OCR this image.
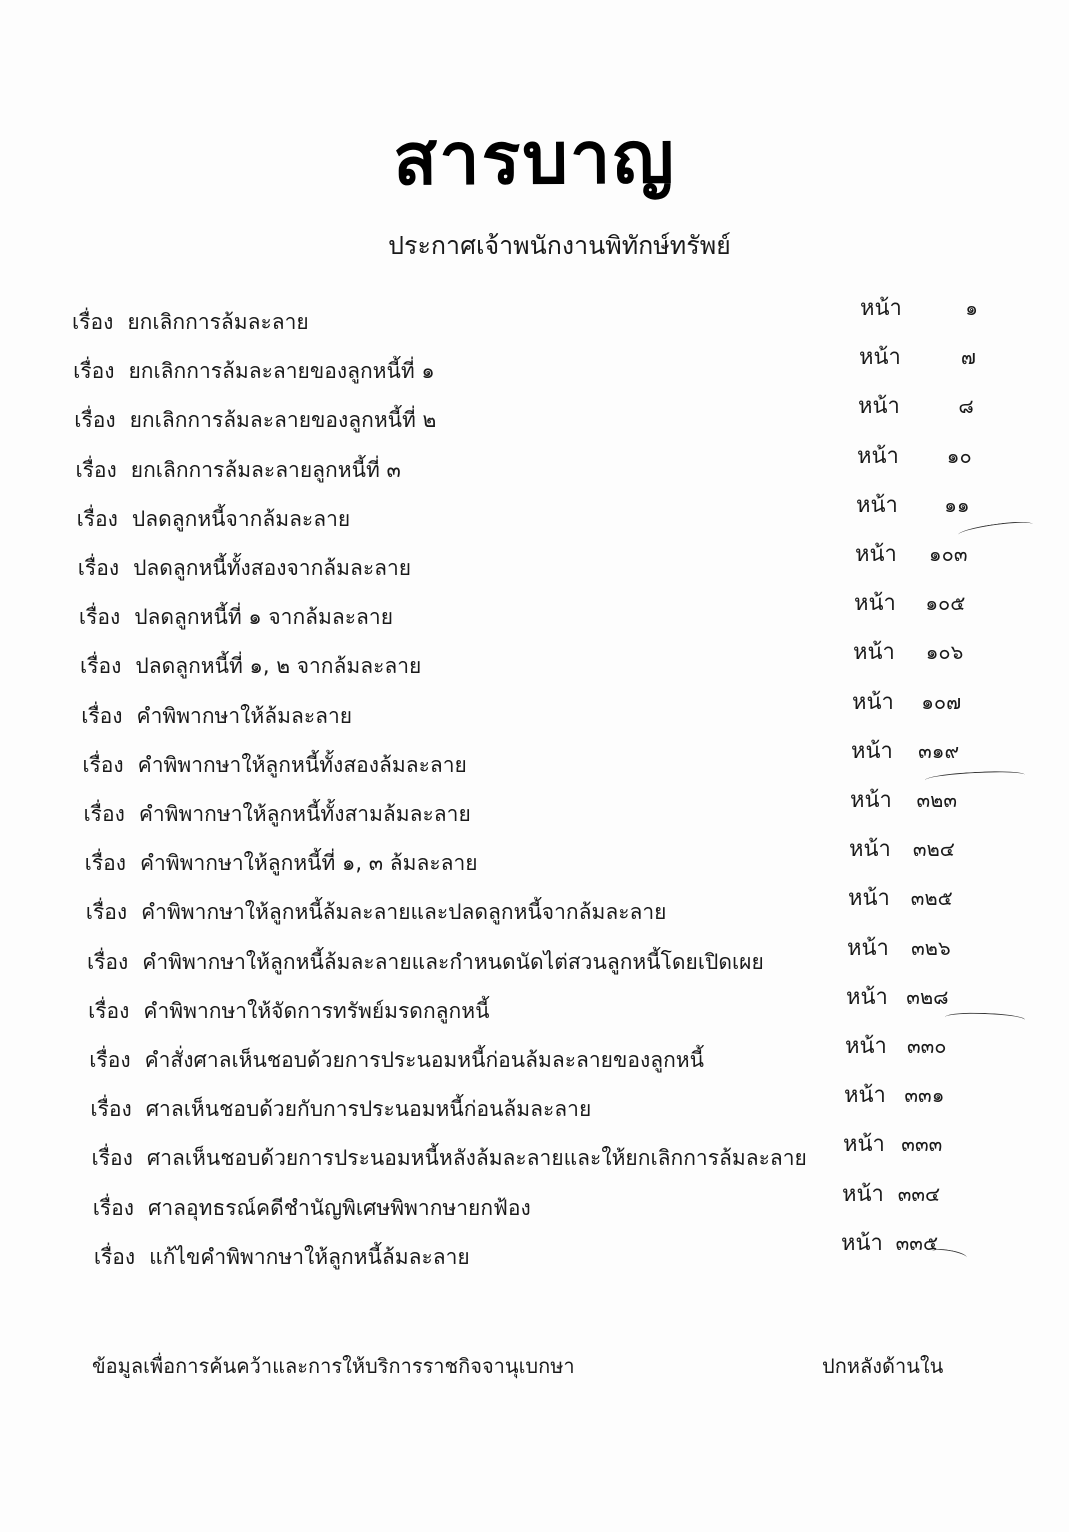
สารบาญ
ประกาศเจ้าพนักงานพิทักษ์ทรัพย์
เรื่อง ยกเลิกการล้มละลาย
หน้า	๑
เรื่อง ยกเลิกการล้มละลายของลูกหนี้ที่ ๑
หน้า	๗
เรื่อง ยกเลิกการล้มละลายของลูกหนี้ที่ ๒
หน้า	๘
เรื่อง ยกเลิกการล้มละลายลูกหนี้ที่ ๓
หน้า	๑๐
เรื่อง ปลดลูกหนี้จากล้มละลาย
หน้า	๑๑
เรื่อง ปลดลูกหนี้ทั้งสองจากล้มละลาย
หน้า	๑๐๓
เรื่อง ปลดลูกหนี้ที่ ๑ จากล้มละลาย
หน้า	๑๐๕
เรื่อง ปลดลูกหนี้ที่ ๑, ๒ จากล้มละลาย
หน้า	๑๐๖
เรื่อง คำพิพากษาให้ล้มละลาย
หน้า	๑๐๗
เรื่อง คำพิพากษาให้ลูกหนี้ทั้งสองล้มละลาย
หน้า	๓๑๙
เรื่อง คำพิพากษาให้ลูกหนี้ทั้งสามล้มละลาย
หน้า	๓๒๓
เรื่อง คำพิพากษาให้ลูกหนี้ที่ ๑, ๓ ล้มละลาย
หน้า	๓๒๔
เรื่อง คำพิพากษาให้ลูกหนี้ล้มละลายและปลดลูกหนี้จากล้มละลาย
หน้า	๓๒๕
เรื่อง คำพิพากษาให้ลูกหนี้ล้มละลายและกำหนดนัดไต่สวนลูกหนี้โดยเปิดเผย
หน้า	๓๒๖
เรื่อง คำพิพากษาให้จัดการทรัพย์มรดกลูกหนี้
หน้า ๓๒๘
เรื่อง คำสั่งศาลเห็นชอบด้วยการประนอมหนี้ก่อนล้มละลายของลูกหนี้
หน้า	๓๓๐
เรื่อง ศาลเห็นชอบด้วยกับการประนอมหนี้ก่อนล้มละลาย
หน้า ๓๓๑
เรื่อง ศาลเห็นชอบด้วยการประนอมหนี้หลังล้มละลายและให้ยกเลิกการล้มละลาย
หน้า ๓๓๓
เรื่อง ศาลอุทธรณ์คดีชำนัญพิเศษพิพากษายกฟ้อง
หน้า ๓๓๔
เรื่อง แก้ไขคำพิพากษาให้ลูกหนี้ล้มละลาย
หน้า ๓๓๕
ข้อมูลเพื่อการค้นคว้าและการให้บริการราชกิจจานุเบกษา	ปกหลังด้านใน
